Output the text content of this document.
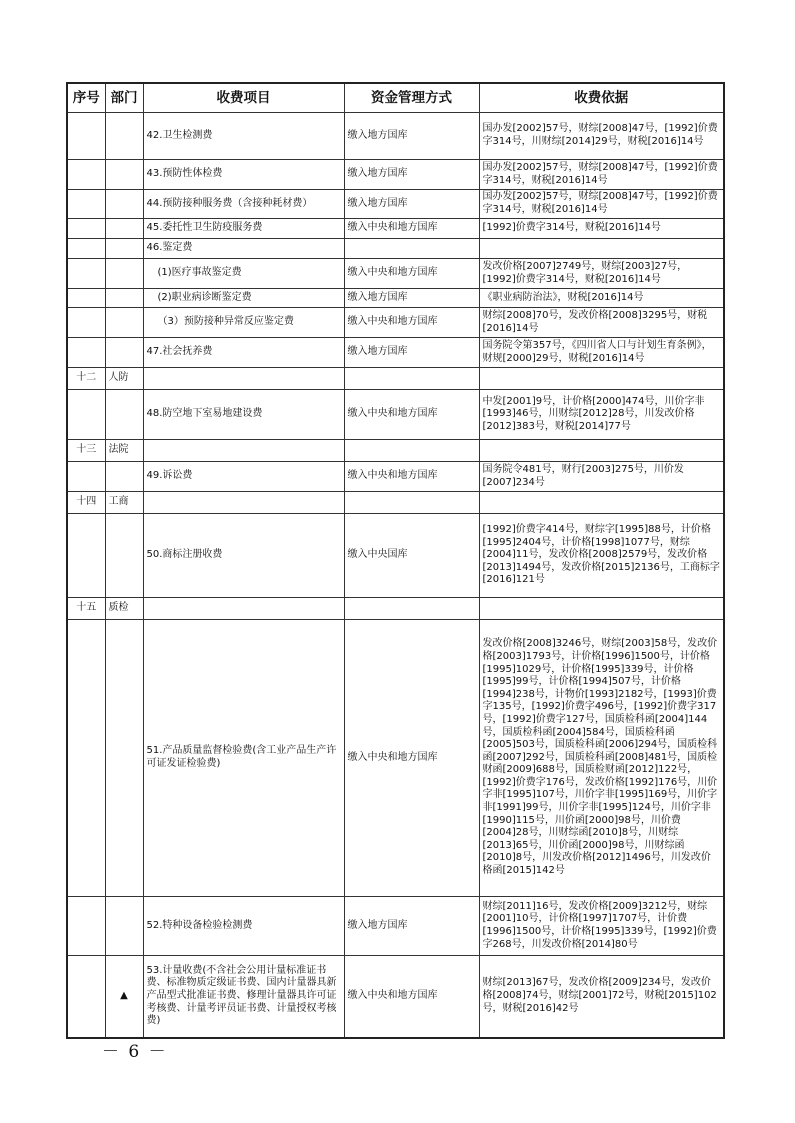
序号	部门	收费项目	资金管理方式	收费依据
		42.卫生检测费	缴入地方国库	国办发[2002]57号，财综[2008]47号，[1992]价费字314号，川财综[2014]29号，财税[2016]14号
		43.预防性体检费	缴入地方国库	国办发[2002]57号，财综[2008]47号，[1992]价费字314号，财税[2016]14号
		44.预防接种服务费（含接种耗材费）	缴入地方国库	国办发[2002]57号，财综[2008]47号，[1992]价费字314号，财税[2016]14号
		45.委托性卫生防疫服务费	缴入中央和地方国库	[1992]价费字314号，财税[2016]14号
		46.鉴定费		
		(1)医疗事故鉴定费	缴入中央和地方国库	发改价格[2007]2749号，财综[2003]27号，[1992]价费字314号，财税[2016]14号
		(2)职业病诊断鉴定费	缴入地方国库	《职业病防治法》，财税[2016]14号
		（3）预防接种异常反应鉴定费	缴入中央和地方国库	财综[2008]70号，发改价格[2008]3295号，财税[2016]14号
		47.社会抚养费	缴入地方国库	国务院令第357号，《四川省人口与计划生育条例》，财规[2000]29号，财税[2016]14号
十二	人防			
		48.防空地下室易地建设费	缴入中央和地方国库	中发[2001]9号，计价格[2000]474号，川价字非[1993]46号，川财综[2012]28号，川发改价格[2012]383号，财税[2014]77号
十三	法院			
		49.诉讼费	缴入中央和地方国库	国务院令481号，财行[2003]275号，川价发[2007]234号
十四	工商			
		50.商标注册收费	缴入中央国库	[1992]价费字414号，财综字[1995]88号，计价格[1995]2404号，计价格[1998]1077号，财综[2004]11号，发改价格[2008]2579号，发改价格[2013]1494号，发改价格[2015]2136号，工商标字[2016]121号
十五	质检			
		51.产品质量监督检验费(含工业产品生产许可证发证检验费)	缴入中央和地方国库	发改价格[2008]3246号，财综[2003]58号，发改价格[2003]1793号，计价格[1996]1500号，计价格[1995]1029号，计价格[1995]339号，计价格[1995]99号，计价格[1994]507号，计价格[1994]238号，计物价[1993]2182号，[1993]价费字135号，[1992]价费字496号，[1992]价费字317号，[1992]价费字127号，国质检科函[2004]144号，国质检科函[2004]584号，国质检科函[2005]503号，国质检科函[2006]294号，国质检科函[2007]292号，国质检科函[2008]481号，国质检财函[2009]688号，国质检财函[2012]122号，[1992]价费字176号，发改价格[1992]176号，川价字非[1995]107号，川价字非[1995]169号，川价字非[1991]99号，川价字非[1995]124号，川价字非[1990]115号，川价函[2000]98号，川价费[2004]28号，川财综函[2010]8号，川财综[2013]65号，川价函[2000]98号，川财综函[2010]8号，川发改价格[2012]1496号，川发改价格函[2015]142号
		52.特种设备检验检测费	缴入地方国库	财综[2011]16号，发改价格[2009]3212号，财综[2001]10号，计价格[1997]1707号，计价费[1996]1500号，计价格[1995]339号，[1992]价费字268号，川发改价格[2014]80号
	▲	53.计量收费(不含社会公用计量标准证书费、标准物质定级证书费、国内计量器具新产品型式批准证书费、修理计量器具许可证考核费、计量考评员证书费、计量授权考核费)	缴入中央和地方国库	财综[2013]67号，发改价格[2009]234号，发改价格[2008]74号，财综[2001]72号，财税[2015]102号，财税[2016]42号
－ 6 －
